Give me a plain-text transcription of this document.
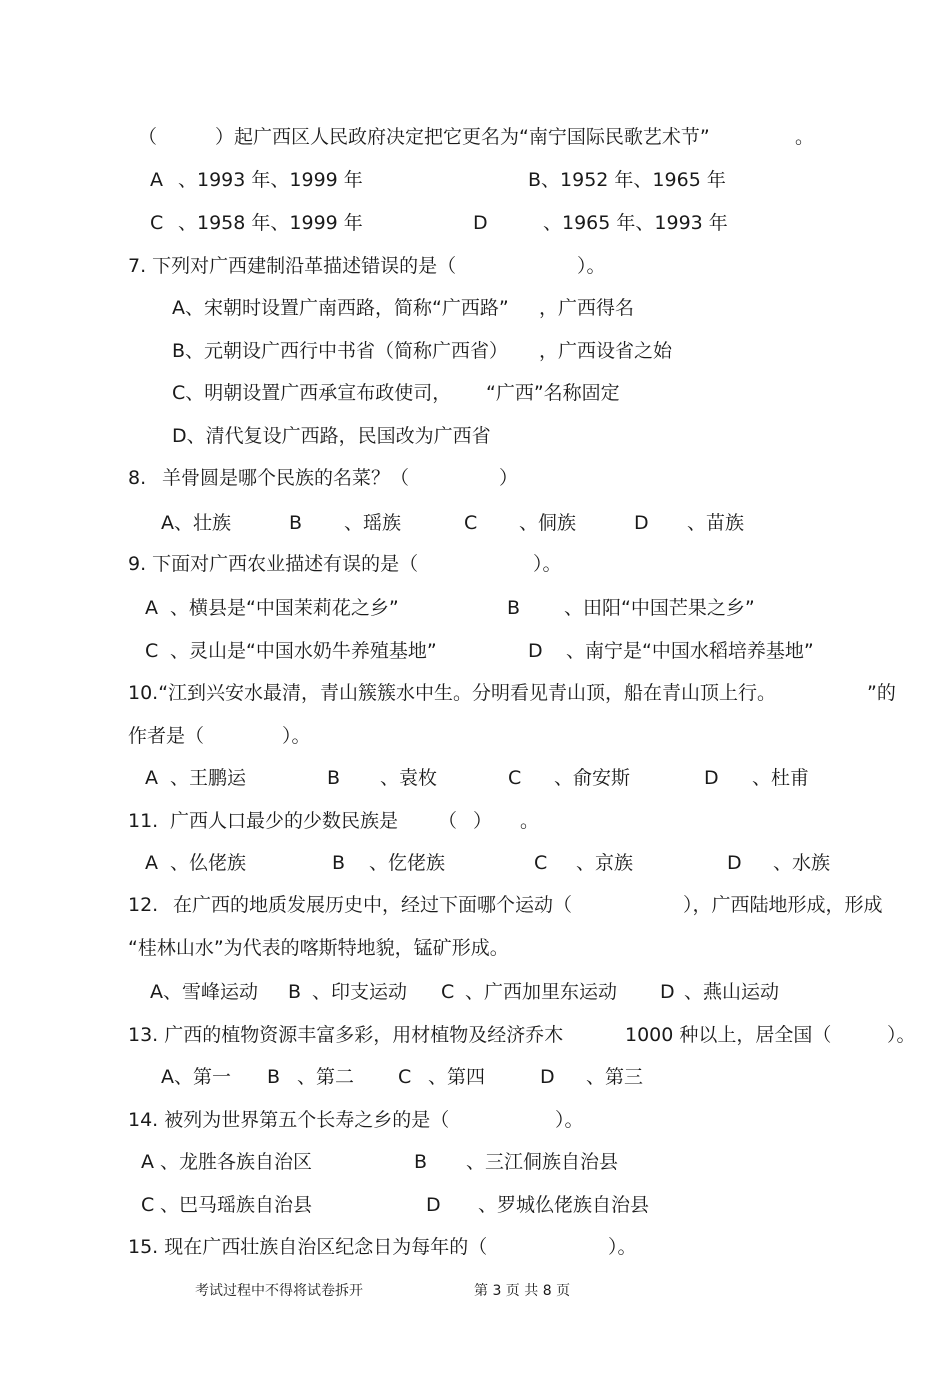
（	）起广西区人民政府决定把它更名为“南宁国际民歌艺术节”	。
A 、1993 年、1999 年	B、1952 年、1965 年
C 、1958 年、1999 年	D	、1965 年、1993 年
7. 下列对广西建制沿革描述错误的是（	）。
A、宋朝时设置广南西路，简称“广西路” ，广西得名
B、元朝设广西行中书省（简称广西省） ，广西设省之始
C、明朝设置广西承宣布政使司， “广西”名称固定
D、清代复设广西路，民国改为广西省
8. 羊骨圆是哪个民族的名菜？（	）
A、壮族	B 、瑶族	C 、侗族	D 、苗族
9. 下面对广西农业描述有误的是（	）。
A 、横县是“中国茉莉花之乡”	B 、田阳“中国芒果之乡”
C 、灵山是“中国水奶牛养殖基地”	D 、南宁是“中国水稻培养基地”
10.“江到兴安水最清，青山簇簇水中生。分明看见青山顶，船在青山顶上行。	”的
作者是（	）。
A 、王鹏运	B 、袁枚	C 、俞安斯	D 、杜甫
11. 广西人口最少的少数民族是 （ ） 。
A 、仫佬族	B 、仡佬族	C 、京族	D 、水族
12. 在广西的地质发展历史中，经过下面哪个运动（	），广西陆地形成，形成
“桂林山水”为代表的喀斯特地貌，锰矿形成。
A、雪峰运动 B 、印支运动 C 、广西加里东运动 D 、燕山运动
13. 广西的植物资源丰富多彩，用材植物及经济乔木	1000 种以上，居全国（	）。
A、第一 B 、第二 C 、第四	D 、第三
14. 被列为世界第五个长寿之乡的是（	）。
A 、龙胜各族自治区	B 、三江侗族自治县
C 、巴马瑶族自治县	D 、罗城仫佬族自治县
15. 现在广西壮族自治区纪念日为每年的（	）。
考试过程中不得将试卷拆开	第 3 页 共 8 页
